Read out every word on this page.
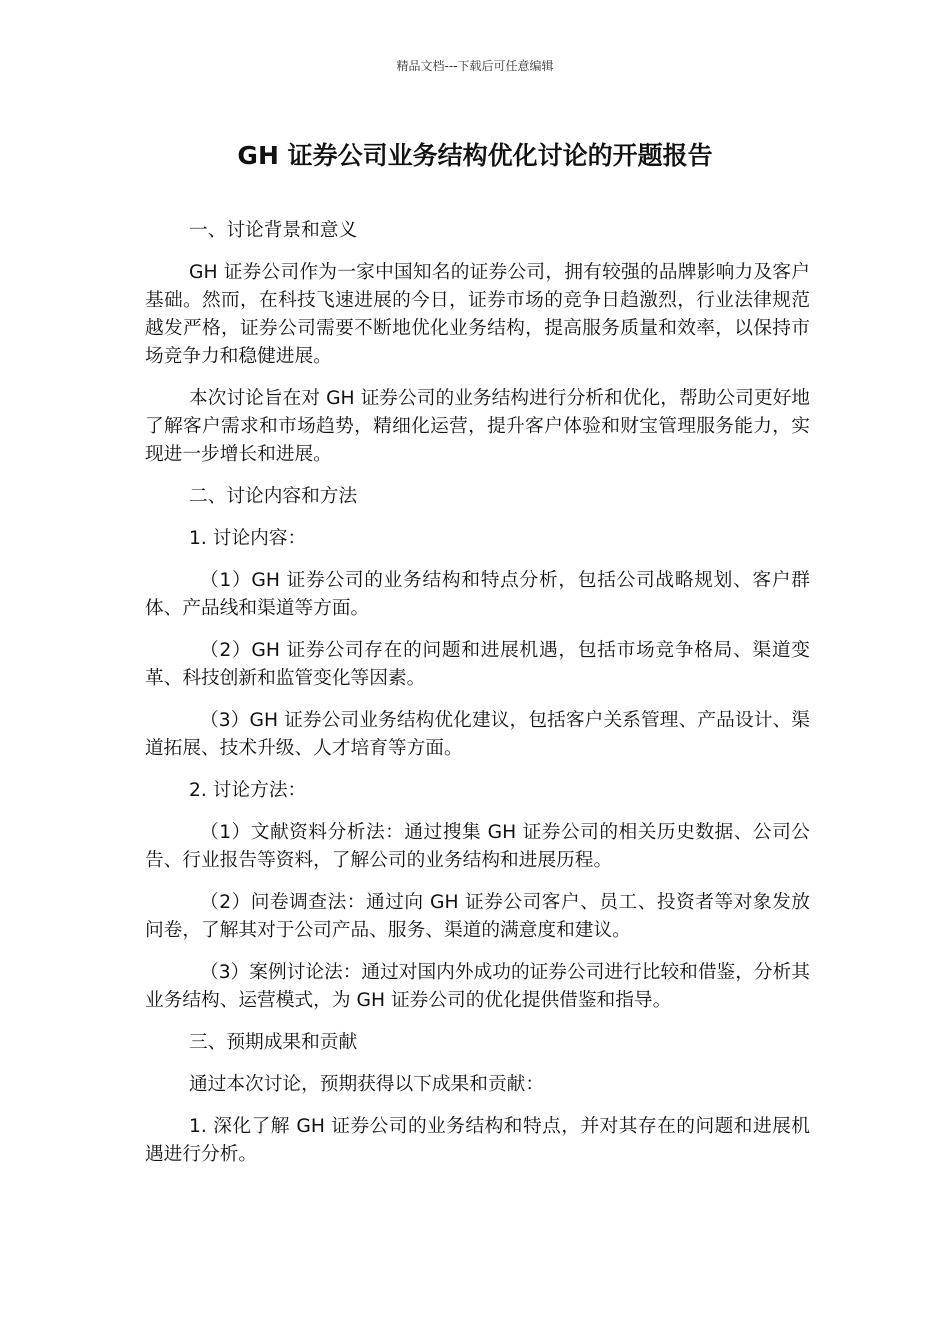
精品文档---下载后可任意编辑
GH 证券公司业务结构优化讨论的开题报告

一、讨论背景和意义

GH 证券公司作为一家中国知名的证券公司，拥有较强的品牌影响力及客户基础。然而，在科技飞速进展的今日，证券市场的竞争日趋激烈，行业法律规范越发严格，证券公司需要不断地优化业务结构，提高服务质量和效率，以保持市场竞争力和稳健进展。

本次讨论旨在对 GH 证券公司的业务结构进行分析和优化，帮助公司更好地了解客户需求和市场趋势，精细化运营，提升客户体验和财宝管理服务能力，实现进一步增长和进展。

二、讨论内容和方法

1. 讨论内容：

（1）GH 证券公司的业务结构和特点分析，包括公司战略规划、客户群体、产品线和渠道等方面。

（2）GH 证券公司存在的问题和进展机遇，包括市场竞争格局、渠道变革、科技创新和监管变化等因素。

（3）GH 证券公司业务结构优化建议，包括客户关系管理、产品设计、渠道拓展、技术升级、人才培育等方面。

2. 讨论方法：

（1）文献资料分析法：通过搜集 GH 证券公司的相关历史数据、公司公告、行业报告等资料，了解公司的业务结构和进展历程。

（2）问卷调查法：通过向 GH 证券公司客户、员工、投资者等对象发放问卷，了解其对于公司产品、服务、渠道的满意度和建议。

（3）案例讨论法：通过对国内外成功的证券公司进行比较和借鉴，分析其业务结构、运营模式，为 GH 证券公司的优化提供借鉴和指导。

三、预期成果和贡献

通过本次讨论，预期获得以下成果和贡献：

1. 深化了解 GH 证券公司的业务结构和特点，并对其存在的问题和进展机遇进行分析。
